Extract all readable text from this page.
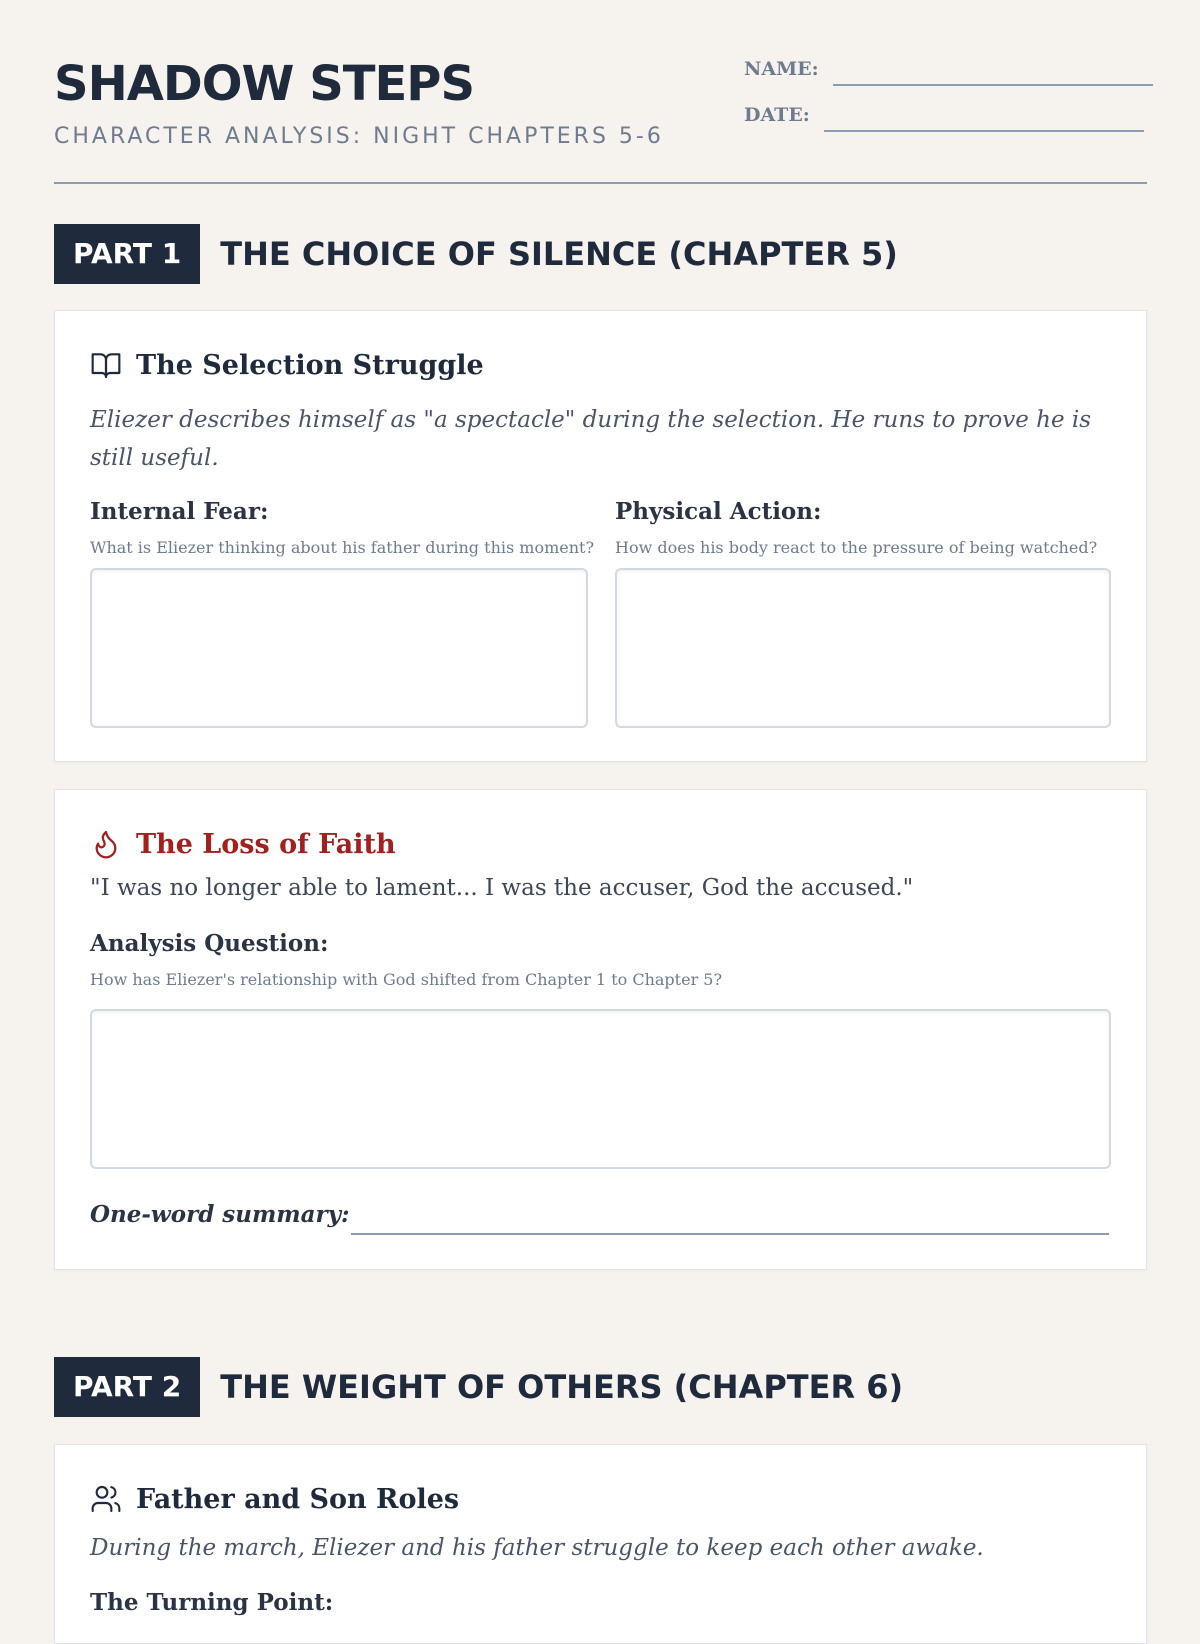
SHADOW STEPS
CHARACTER ANALYSIS: NIGHT CHAPTERS 5-6
NAME:
DATE:
PART 1	THE CHOICE OF SILENCE (CHAPTER 5)
The Selection Struggle
Eliezer describes himself as "a spectacle" during the selection. He runs to prove he is still useful.
Internal Fear:
What is Eliezer thinking about his father during this moment?
Physical Action:
How does his body react to the pressure of being watched?
The Loss of Faith
"I was no longer able to lament... I was the accuser, God the accused."
Analysis Question:
How has Eliezer's relationship with God shifted from Chapter 1 to Chapter 5?
One-word summary:
PART 2	THE WEIGHT OF OTHERS (CHAPTER 6)
Father and Son Roles
During the march, Eliezer and his father struggle to keep each other awake.
The Turning Point:
